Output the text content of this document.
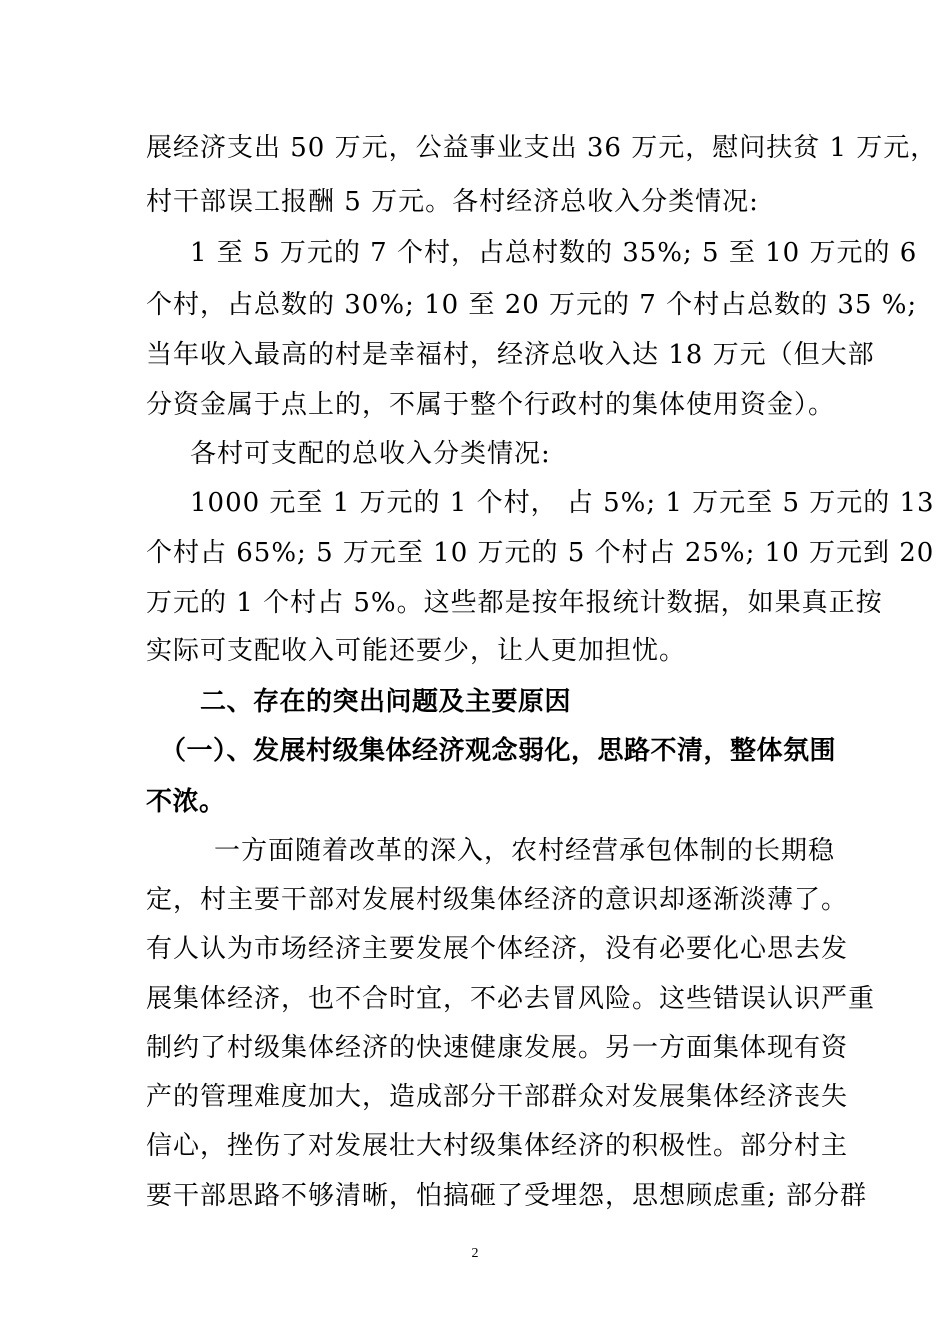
展经济支出 50 万元，公益事业支出 36 万元，慰问扶贫 1 万元，
村干部误工报酬 5 万元。各村经济总收入分类情况:
1 至 5 万元的 7 个村，占总村数的 35%; 5 至 10 万元的 6
个村，占总数的 30%; 10 至 20 万元的 7 个村占总数的 35 %;
当年收入最高的村是幸福村，经济总收入达 18 万元（但大部
分资金属于点上的，不属于整个行政村的集体使用资金）。
各村可支配的总收入分类情况:
1000 元至 1 万元的 1 个村， 占 5%; 1 万元至 5 万元的 13
个村占 65%; 5 万元至 10 万元的 5 个村占 25%; 10 万元到 20
万元的 1 个村占 5%。这些都是按年报统计数据，如果真正按
实际可支配收入可能还要少，让人更加担忧。
二、存在的突出问题及主要原因
（一）、发展村级集体经济观念弱化，思路不清，整体氛围
不浓。
一方面随着改革的深入，农村经营承包体制的长期稳
定，村主要干部对发展村级集体经济的意识却逐渐淡薄了。
有人认为市场经济主要发展个体经济，没有必要化心思去发
展集体经济，也不合时宜，不必去冒风险。这些错误认识严重
制约了村级集体经济的快速健康发展。另一方面集体现有资
产的管理难度加大，造成部分干部群众对发展集体经济丧失
信心，挫伤了对发展壮大村级集体经济的积极性。部分村主
要干部思路不够清晰，怕搞砸了受埋怨，思想顾虑重; 部分群
2
